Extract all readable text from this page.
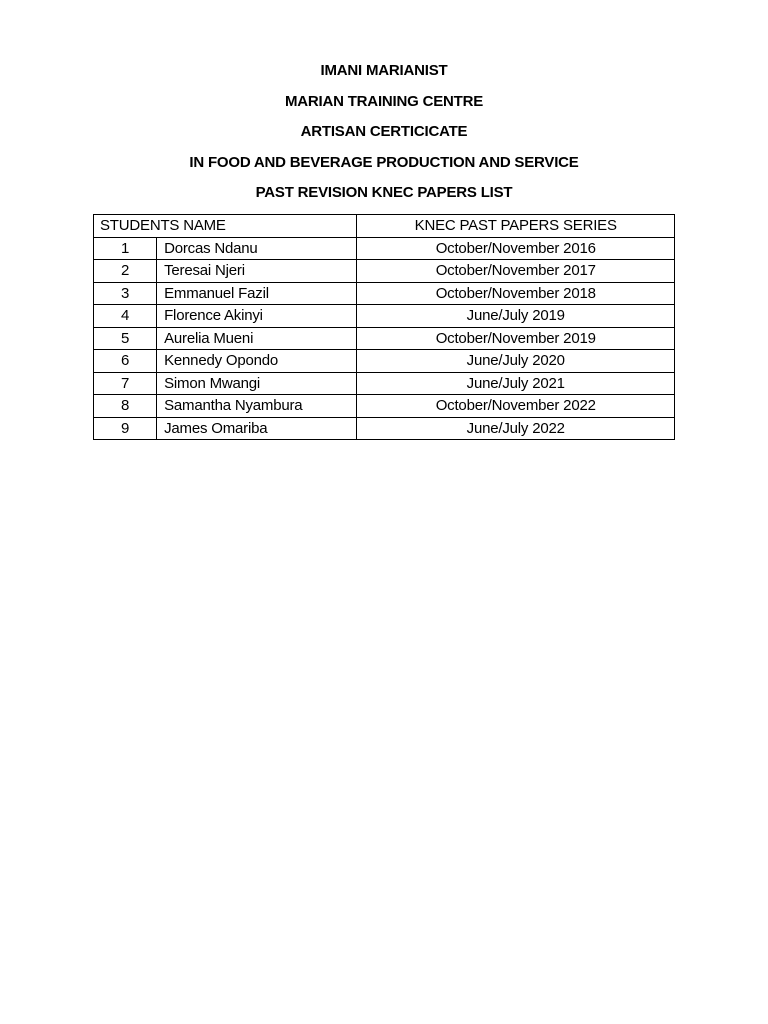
IMANI MARIANIST
MARIAN TRAINING CENTRE
ARTISAN CERTICICATE
IN FOOD AND BEVERAGE PRODUCTION AND SERVICE
PAST REVISION KNEC PAPERS LIST
STUDENTS NAME		KNEC PAST PAPERS SERIES
1	Dorcas Ndanu	October/November 2016
2	Teresai Njeri	October/November 2017
3	Emmanuel Fazil	October/November 2018
4	Florence Akinyi	June/July 2019
5	Aurelia Mueni	October/November 2019
6	Kennedy Opondo	June/July 2020
7	Simon Mwangi	June/July 2021
8	Samantha Nyambura	October/November 2022
9	James Omariba	June/July 2022
